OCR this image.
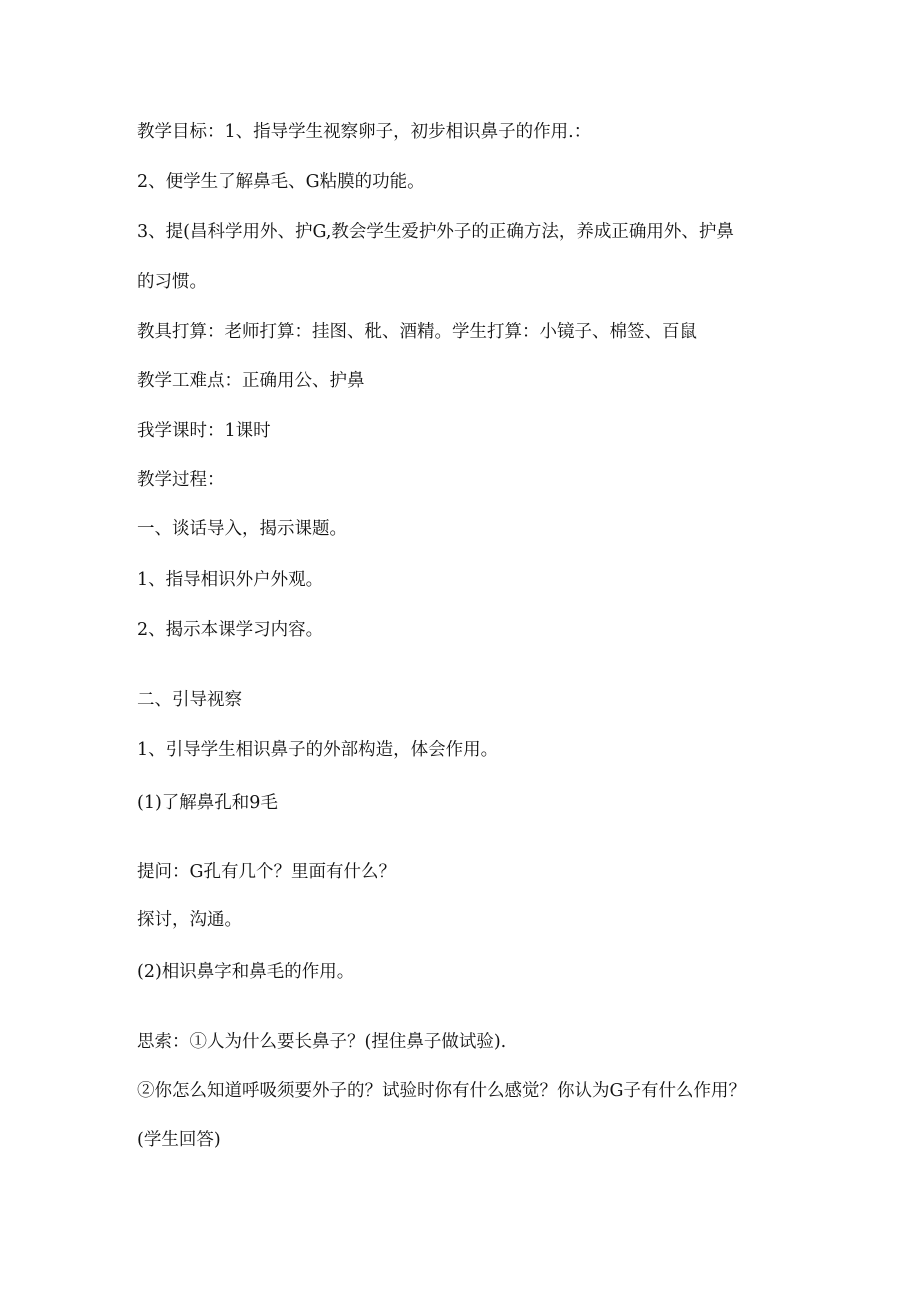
教学目标：1、指导学生视察卵子，初步相识鼻子的作用.：
2、便学生了解鼻毛、G粘膜的功能。
3、提(昌科学用外、护G,教会学生爱护外子的正确方法，养成正确用外、护鼻
的习惯。
教具打算：老师打算：挂图、秕、酒精。学生打算：小镜子、棉签、百鼠
教学工难点：正确用公、护鼻
我学课时：1课时
教学过程：
一、谈话导入，揭示课题。
1、指导相识外户外观。
2、揭示本课学习内容。
二、引导视察
1、引导学生相识鼻子的外部构造，体会作用。
(1)了解鼻孔和9毛
提问：G孔有几个？里面有什么？
探讨，沟通。
(2)相识鼻字和鼻毛的作用。
思索：①人为什么要长鼻子？(捏住鼻子做试验).
②你怎么知道呼吸须要外子的？试验时你有什么感觉？你认为G子有什么作用？
(学生回答)
